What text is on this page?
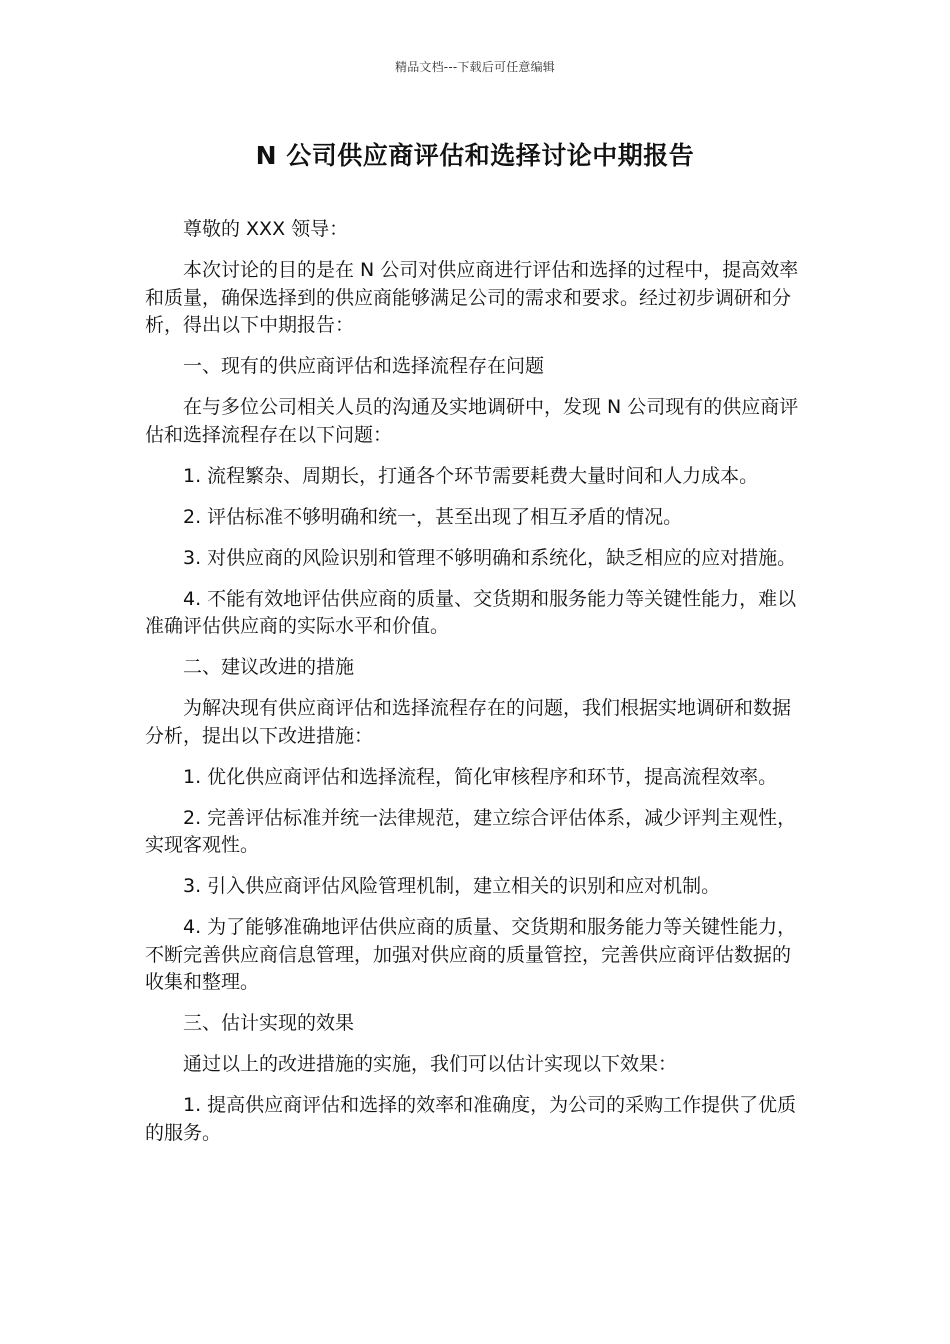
精品文档---下载后可任意编辑
N 公司供应商评估和选择讨论中期报告

尊敬的 XXX 领导：

本次讨论的目的是在 N 公司对供应商进行评估和选择的过程中，提高效率和质量，确保选择到的供应商能够满足公司的需求和要求。经过初步调研和分析，得出以下中期报告：

一、现有的供应商评估和选择流程存在问题

在与多位公司相关人员的沟通及实地调研中，发现 N 公司现有的供应商评估和选择流程存在以下问题：

1. 流程繁杂、周期长，打通各个环节需要耗费大量时间和人力成本。

2. 评估标准不够明确和统一，甚至出现了相互矛盾的情况。

3. 对供应商的风险识别和管理不够明确和系统化，缺乏相应的应对措施。

4. 不能有效地评估供应商的质量、交货期和服务能力等关键性能力，难以准确评估供应商的实际水平和价值。

二、建议改进的措施

为解决现有供应商评估和选择流程存在的问题，我们根据实地调研和数据分析，提出以下改进措施：

1. 优化供应商评估和选择流程，简化审核程序和环节，提高流程效率。

2. 完善评估标准并统一法律规范，建立综合评估体系，减少评判主观性，实现客观性。

3. 引入供应商评估风险管理机制，建立相关的识别和应对机制。

4. 为了能够准确地评估供应商的质量、交货期和服务能力等关键性能力，不断完善供应商信息管理，加强对供应商的质量管控，完善供应商评估数据的收集和整理。

三、估计实现的效果

通过以上的改进措施的实施，我们可以估计实现以下效果：

1. 提高供应商评估和选择的效率和准确度，为公司的采购工作提供了优质的服务。
